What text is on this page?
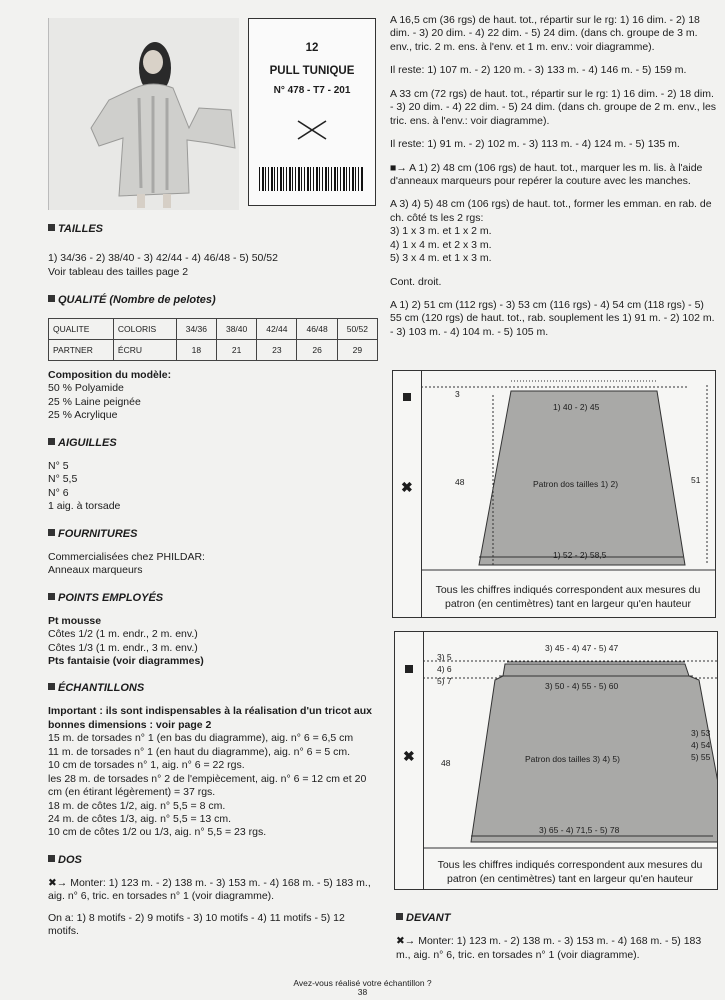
12
PULL TUNIQUE
N° 478 - T7 - 201
TAILLES

1) 34/36 - 2) 38/40 - 3) 42/44 - 4) 46/48 - 5) 50/52

Voir tableau des tailles page 2

QUALITÉ (Nombre de pelotes)
QUALITE	COLORIS	34/36	38/40	42/44	46/48	50/52
PARTNER	ÉCRU	18	21	23	26	29

Composition du modèle:

50 % Polyamide

25 % Laine peignée

25 % Acrylique

AIGUILLES

N° 5

N° 5,5

N° 6

1 aig. à torsade

FOURNITURES

Commercialisées chez PHILDAR:

Anneaux marqueurs

POINTS EMPLOYÉS

Pt mousse

Côtes 1/2 (1 m. endr., 2 m. env.)

Côtes 1/3 (1 m. endr., 3 m. env.)

Pts fantaisie (voir diagrammes)

ÉCHANTILLONS

Important : ils sont indispensables à la réalisation d'un tricot aux bonnes dimensions : voir page 2

15 m. de torsades n° 1 (en bas du diagramme), aig. n° 6 = 6,5 cm

11 m. de torsades n° 1 (en haut du diagramme), aig. n° 6 = 5 cm.

10 cm de torsades n° 1, aig. n° 6 = 22 rgs.

les 28 m. de torsades n° 2 de l'empiècement, aig. n° 6 = 12 cm et 20 cm (en étirant légèrement) = 37 rgs.

18 m. de côtes 1/2, aig. n° 5,5 = 8 cm.

24 m. de côtes 1/3, aig. n° 5,5 = 13 cm.

10 cm de côtes 1/2 ou 1/3, aig. n° 5,5 = 23 rgs.

DOS

✖→ Monter: 1) 123 m. - 2) 138 m. - 3) 153 m. - 4) 168 m. - 5) 183 m., aig. n° 6, tric. en torsades n° 1 (voir diagramme).

On a: 1) 8 motifs - 2) 9 motifs - 3) 10 motifs - 4) 11 motifs - 5) 12 motifs.

A 16,5 cm (36 rgs) de haut. tot., répartir sur le rg: 1) 16 dim. - 2) 18 dim. - 3) 20 dim. - 4) 22 dim. - 5) 24 dim. (dans ch. groupe de 3 m. env., tric. 2 m. ens. à l'env. et 1 m. env.: voir diagramme).

Il reste: 1) 107 m. - 2) 120 m. - 3) 133 m. - 4) 146 m. - 5) 159 m.

A 33 cm (72 rgs) de haut. tot., répartir sur le rg: 1) 16 dim. - 2) 18 dim. - 3) 20 dim. - 4) 22 dim. - 5) 24 dim. (dans ch. groupe de 2 m. env., les tric. ens. à l'env.: voir diagramme).

Il reste: 1) 91 m. - 2) 102 m. - 3) 113 m. - 4) 124 m. - 5) 135 m.

■→ A 1) 2) 48 cm (106 rgs) de haut. tot., marquer les m. lis. à l'aide d'anneaux marqueurs pour repérer la couture avec les manches.

A 3) 4) 5) 48 cm (106 rgs) de haut. tot., former les emman. en rab. de ch. côté ts les 2 rgs:

3) 1 x 3 m. et 1 x 2 m.

4) 1 x 4 m. et 2 x 3 m.

5) 3 x 4 m. et 1 x 3 m.

Cont. droit.

A 1) 2) 51 cm (112 rgs) - 3) 53 cm (116 rgs) - 4) 54 cm (118 rgs) - 5) 55 cm (120 rgs) de haut. tot., rab. souplement les 1) 91 m. - 2) 102 m. - 3) 103 m. - 4) 104 m. - 5) 105 m.

✖
3
1) 40 - 2) 45
48	51
Patron dos tailles 1) 2)
1) 52 - 2) 58,5
Tous les chiffres indiqués correspondent aux mesures du patron (en centimètres) tant en largeur qu'en hauteur
✖
3) 45 - 4) 47 - 5) 47
3) 5
4) 6
5) 7	3) 50 - 4) 55 - 5) 60
48	Patron dos tailles 3) 4) 5)
3) 53
4) 54
5) 55
3) 65 - 4) 71,5 - 5) 78
Tous les chiffres indiqués correspondent aux mesures du patron (en centimètres) tant en largeur qu'en hauteur
DEVANT

✖→ Monter: 1) 123 m. - 2) 138 m. - 3) 153 m. - 4) 168 m. - 5) 183 m., aig. n° 6, tric. en torsades n° 1 (voir diagramme).

Avez-vous réalisé votre échantillon ?
38
